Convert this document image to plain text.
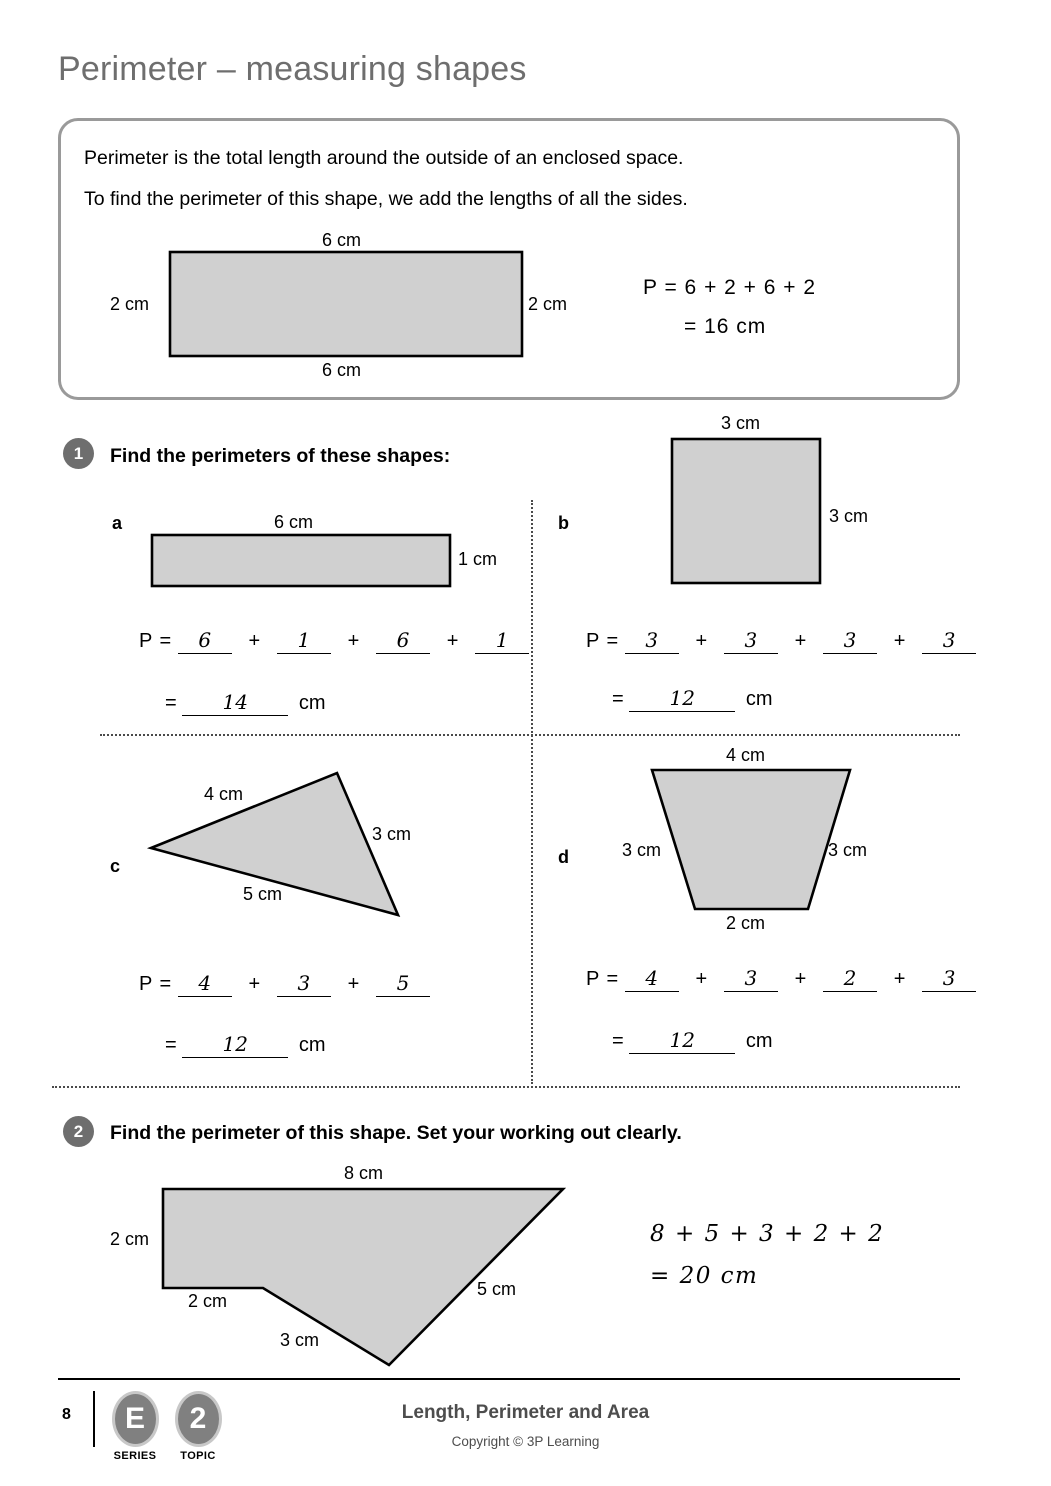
Perimeter – measuring shapes
Perimeter is the total length around the outside of an enclosed space.
To find the perimeter of this shape, we add the lengths of all the sides.
6 cm
2 cm	2 cm
6 cm
P = 6 + 2 + 6 + 2
= 16 cm
1	Find the perimeters of these shapes:
a	6 cm
1 cm
P = 6 + 1 + 6 + 1
= 14	cm
b
3 cm
3 cm
P = 3 + 3 + 3 + 3
= 12	cm
c
4 cm
3 cm
5 cm
P = 4 + 3 + 5
= 12	cm
d
4 cm
3 cm	3 cm
2 cm
P = 4 + 3 + 2 + 3
= 12	cm
2	Find the perimeter of this shape. Set your working out clearly.
8 cm
2 cm
2 cm
3 cm
5 cm
8 + 5 + 3 + 2 + 2
= 20 cm
8	E
SERIES
2
TOPIC
Length, Perimeter and Area
Copyright © 3P Learning
